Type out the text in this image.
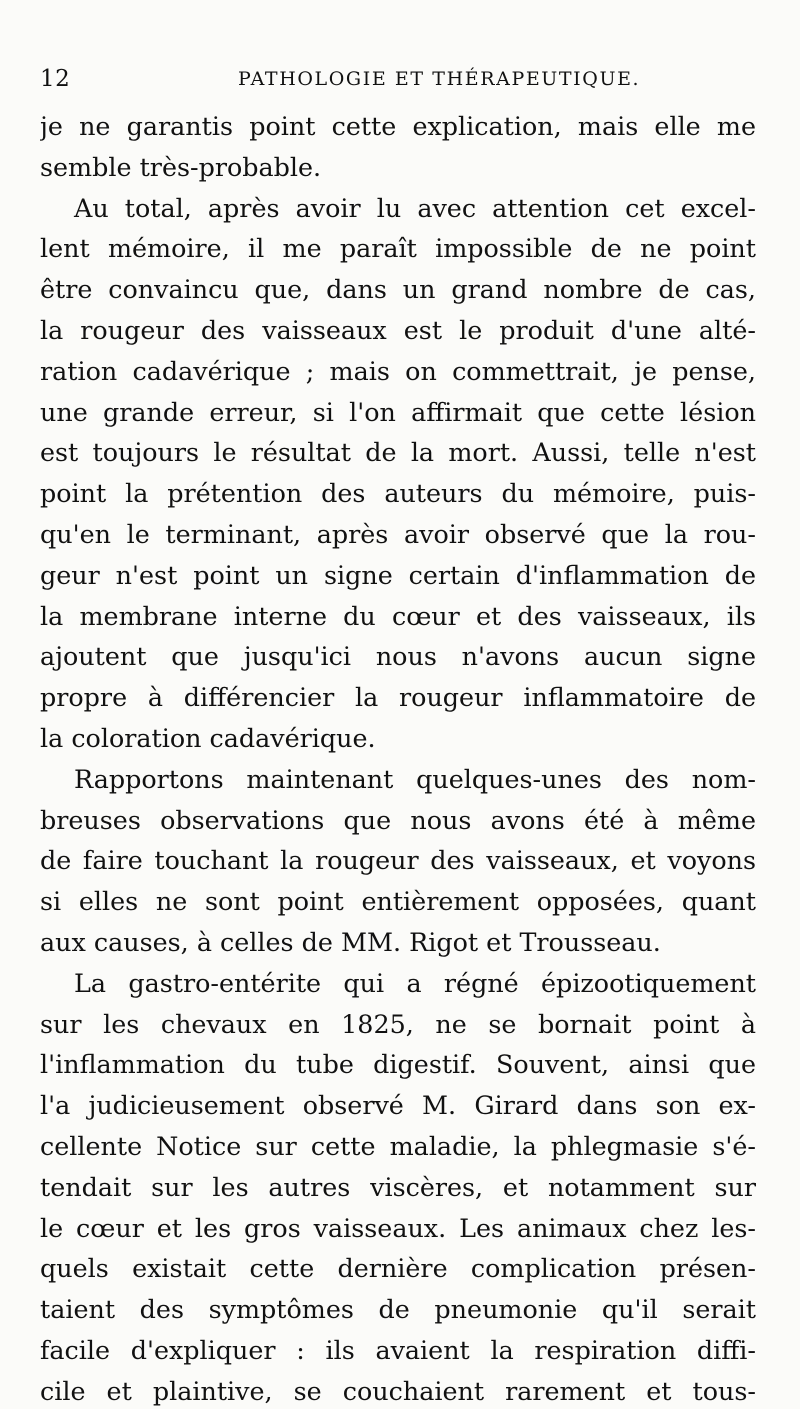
12	PATHOLOGIE ET THÉRAPEUTIQUE.
je ne garantis point cette explication, mais elle me
semble très-probable.
Au total, après avoir lu avec attention cet excel-
lent mémoire, il me paraît impossible de ne point
être convaincu que, dans un grand nombre de cas,
la rougeur des vaisseaux est le produit d'une alté-
ration cadavérique ; mais on commettrait, je pense,
une grande erreur, si l'on affirmait que cette lésion
est toujours le résultat de la mort. Aussi, telle n'est
point la prétention des auteurs du mémoire, puis-
qu'en le terminant, après avoir observé que la rou-
geur n'est point un signe certain d'inflammation de
la membrane interne du cœur et des vaisseaux, ils
ajoutent que jusqu'ici nous n'avons aucun signe
propre à différencier la rougeur inflammatoire de
la coloration cadavérique.
Rapportons maintenant quelques-unes des nom-
breuses observations que nous avons été à même
de faire touchant la rougeur des vaisseaux, et voyons
si elles ne sont point entièrement opposées, quant
aux causes, à celles de MM. Rigot et Trousseau.
La gastro-entérite qui a régné épizootiquement
sur les chevaux en 1825, ne se bornait point à
l'inflammation du tube digestif. Souvent, ainsi que
l'a judicieusement observé M. Girard dans son ex-
cellente Notice sur cette maladie, la phlegmasie s'é-
tendait sur les autres viscères, et notamment sur
le cœur et les gros vaisseaux. Les animaux chez les-
quels existait cette dernière complication présen-
taient des symptômes de pneumonie qu'il serait
facile d'expliquer : ils avaient la respiration diffi-
cile et plaintive, se couchaient rarement et tous-
